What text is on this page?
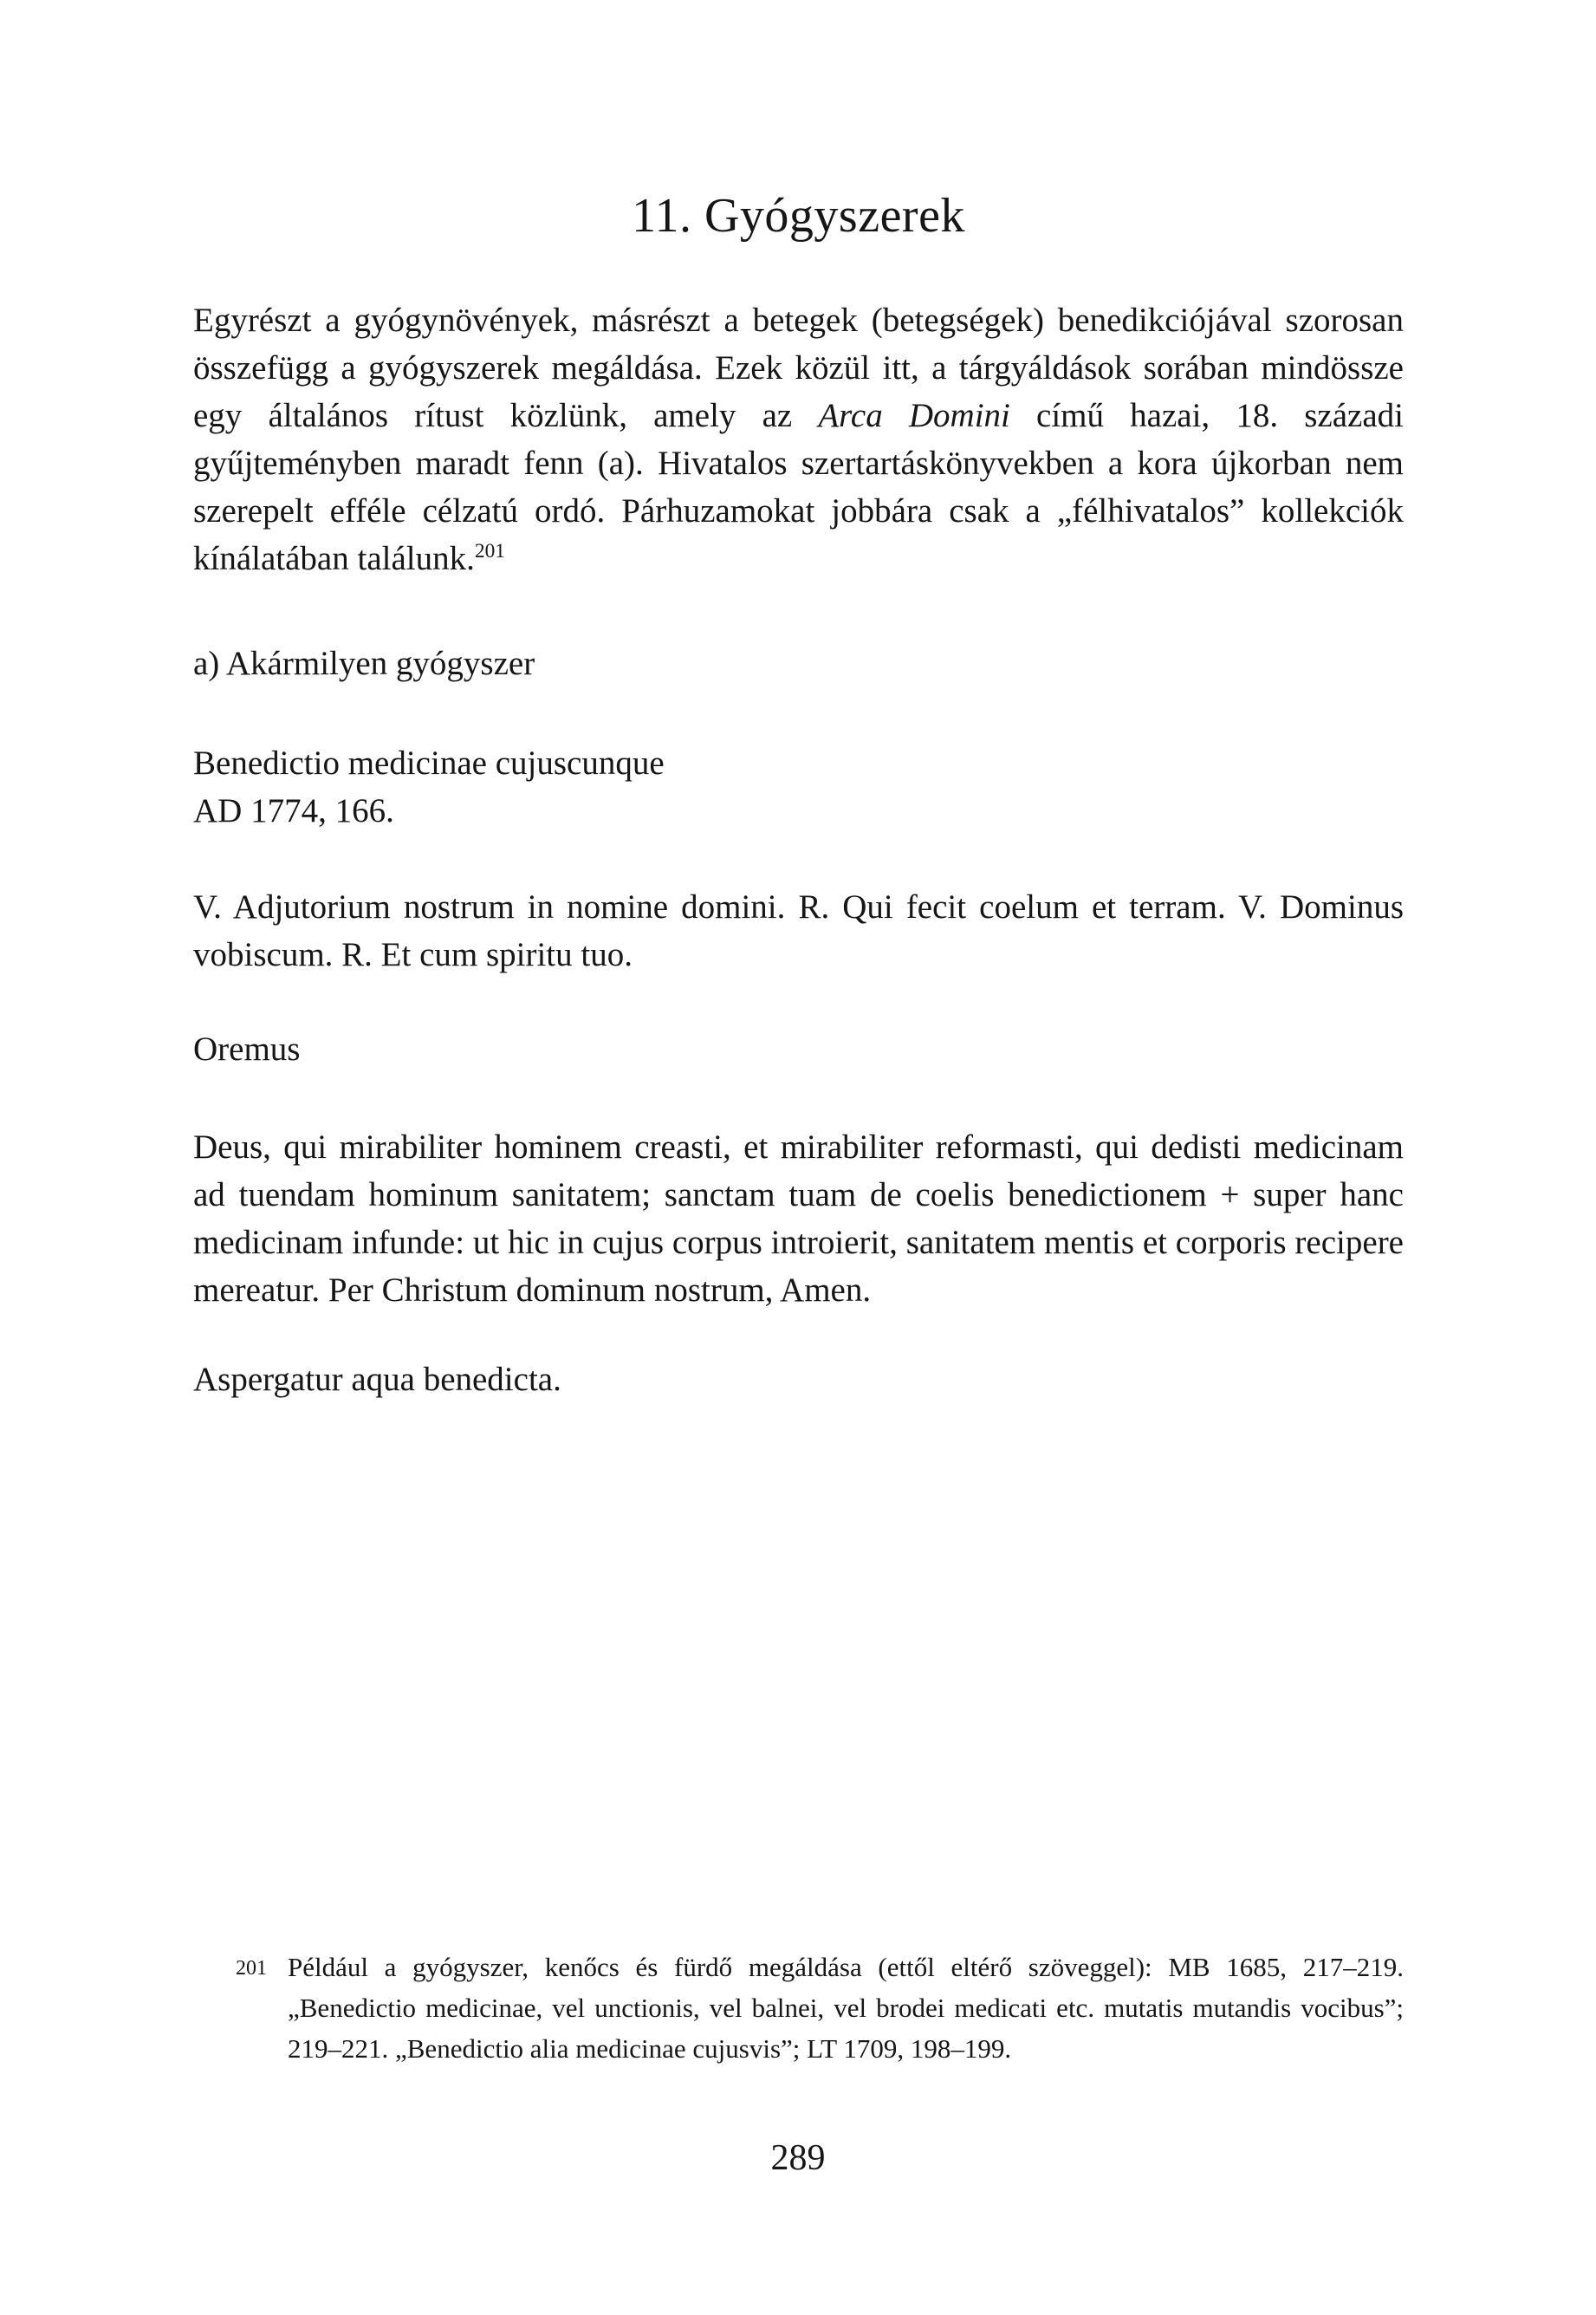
11. Gyógyszerek

Egyrészt a gyógynövények, másrészt a betegek (betegségek) benedikciójával szorosan összefügg a gyógyszerek megáldása. Ezek közül itt, a tárgyáldások sorában mindössze egy általános rítust közlünk, amely az Arca Domini című hazai, 18. századi gyűjteményben maradt fenn (a). Hivatalos szertartáskönyvekben a kora újkorban nem szerepelt efféle célzatú ordó. Párhuzamokat jobbára csak a „félhivatalos” kollekciók kínálatában találunk.$^{201}$

a) Akármilyen gyógyszer

Benedictio medicinae cujuscunque
AD 1774, 166.

V. Adjutorium nostrum in nomine domini. R. Qui fecit coelum et terram. V. Dominus vobiscum. R. Et cum spiritu tuo.

Oremus

Deus, qui mirabiliter hominem creasti, et mirabiliter reformasti, qui dedisti medicinam ad tuendam hominum sanitatem; sanctam tuam de coelis benedictionem + super hanc medicinam infunde: ut hic in cujus corpus introierit, sanitatem mentis et corporis recipere mereatur. Per Christum dominum nostrum, Amen.

Aspergatur aqua benedicta.

201 Például a gyógyszer, kenőcs és fürdő megáldása (ettől eltérő szöveggel): MB 1685, 217–219. „Benedictio medicinae, vel unctionis, vel balnei, vel brodei medicati etc. mutatis mutandis vocibus”; 219–221. „Benedictio alia medicinae cujusvis”; LT 1709, 198–199.
289
